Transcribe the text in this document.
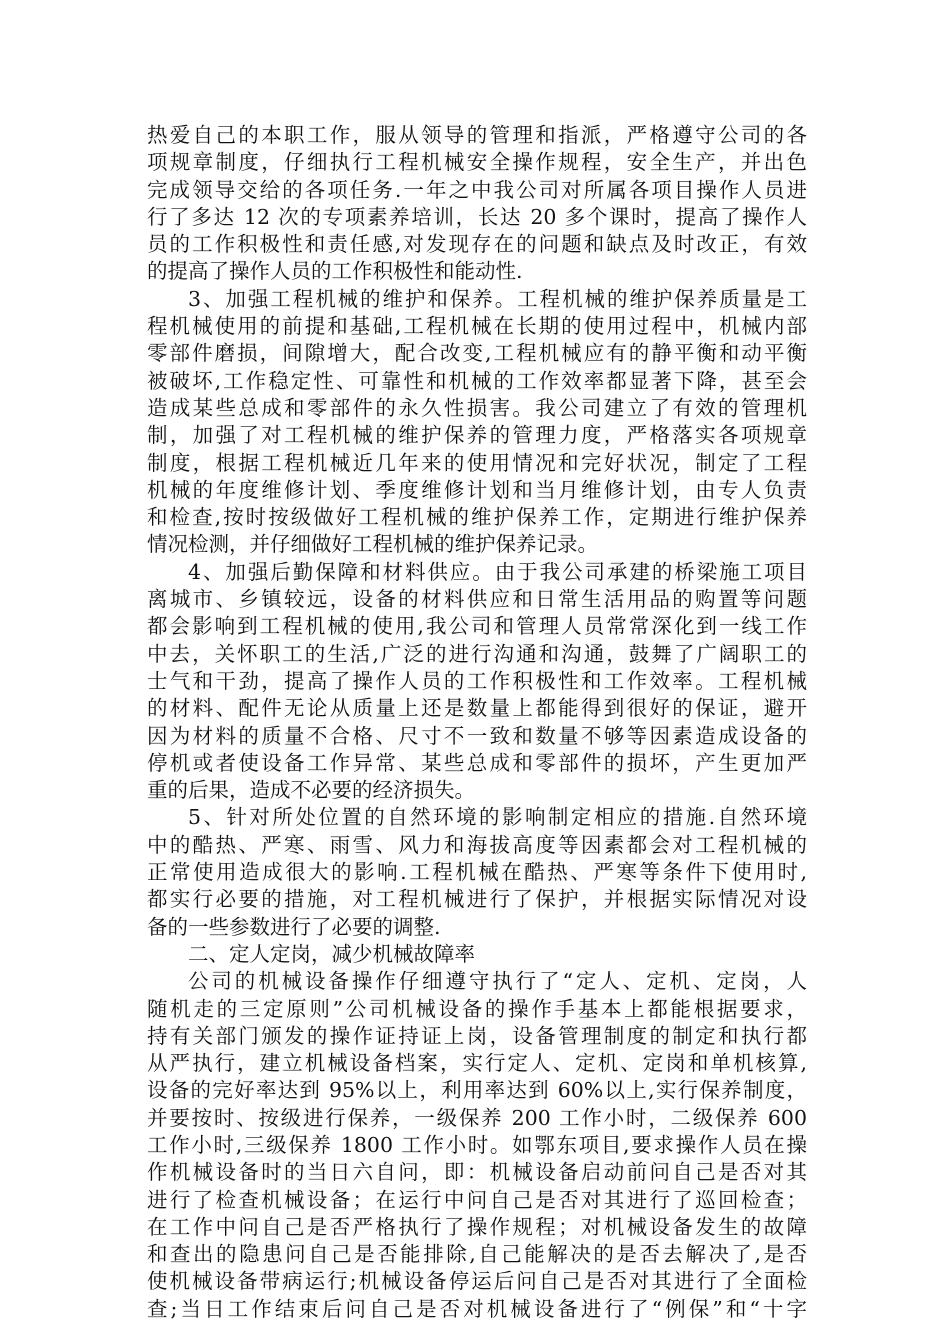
热爱自己的本职工作，服从领导的管理和指派，严格遵守公司的各
项规章制度，仔细执行工程机械安全操作规程，安全生产，并出色
完成领导交给的各项任务.一年之中我公司对所属各项目操作人员进
行了多达 12 次的专项素养培训，长达 20 多个课时，提高了操作人
员的工作积极性和责任感,对发现存在的问题和缺点及时改正，有效
的提高了操作人员的工作积极性和能动性.
3、加强工程机械的维护和保养。工程机械的维护保养质量是工
程机械使用的前提和基础,工程机械在长期的使用过程中，机械内部
零部件磨损，间隙增大，配合改变,工程机械应有的静平衡和动平衡
被破坏,工作稳定性、可靠性和机械的工作效率都显著下降，甚至会
造成某些总成和零部件的永久性损害。我公司建立了有效的管理机
制，加强了对工程机械的维护保养的管理力度，严格落实各项规章
制度，根据工程机械近几年来的使用情况和完好状况，制定了工程
机械的年度维修计划、季度维修计划和当月维修计划，由专人负责
和检查,按时按级做好工程机械的维护保养工作，定期进行维护保养
情况检测，并仔细做好工程机械的维护保养记录。
4、加强后勤保障和材料供应。由于我公司承建的桥梁施工项目
离城市、乡镇较远，设备的材料供应和日常生活用品的购置等问题
都会影响到工程机械的使用,我公司和管理人员常常深化到一线工作
中去，关怀职工的生活,广泛的进行沟通和沟通，鼓舞了广阔职工的
士气和干劲，提高了操作人员的工作积极性和工作效率。工程机械
的材料、配件无论从质量上还是数量上都能得到很好的保证，避开
因为材料的质量不合格、尺寸不一致和数量不够等因素造成设备的
停机或者使设备工作异常、某些总成和零部件的损坏，产生更加严
重的后果，造成不必要的经济损失。
5、针对所处位置的自然环境的影响制定相应的措施.自然环境
中的酷热、严寒、雨雪、风力和海拔高度等因素都会对工程机械的
正常使用造成很大的影响.工程机械在酷热、严寒等条件下使用时,
都实行必要的措施，对工程机械进行了保护，并根据实际情况对设
备的一些参数进行了必要的调整.
二、定人定岗，减少机械故障率
公司的机械设备操作仔细遵守执行了“定人、定机、定岗，人
随机走的三定原则”公司机械设备的操作手基本上都能根据要求，
持有关部门颁发的操作证持证上岗，设备管理制度的制定和执行都
从严执行，建立机械设备档案，实行定人、定机、定岗和单机核算,
设备的完好率达到 95%以上，利用率达到 60%以上,实行保养制度，
并要按时、按级进行保养，一级保养 200 工作小时，二级保养 600
工作小时,三级保养 1800 工作小时。如鄂东项目,要求操作人员在操
作机械设备时的当日六自问，即：机械设备启动前问自己是否对其
进行了检查机械设备；在运行中问自己是否对其进行了巡回检查；
在工作中问自己是否严格执行了操作规程；对机械设备发生的故障
和查出的隐患问自己是否能排除,自己能解决的是否去解决了,是否
使机械设备带病运行;机械设备停运后问自己是否对其进行了全面检
查;当日工作结束后问自己是否对机械设备进行了“例保”和“十字
